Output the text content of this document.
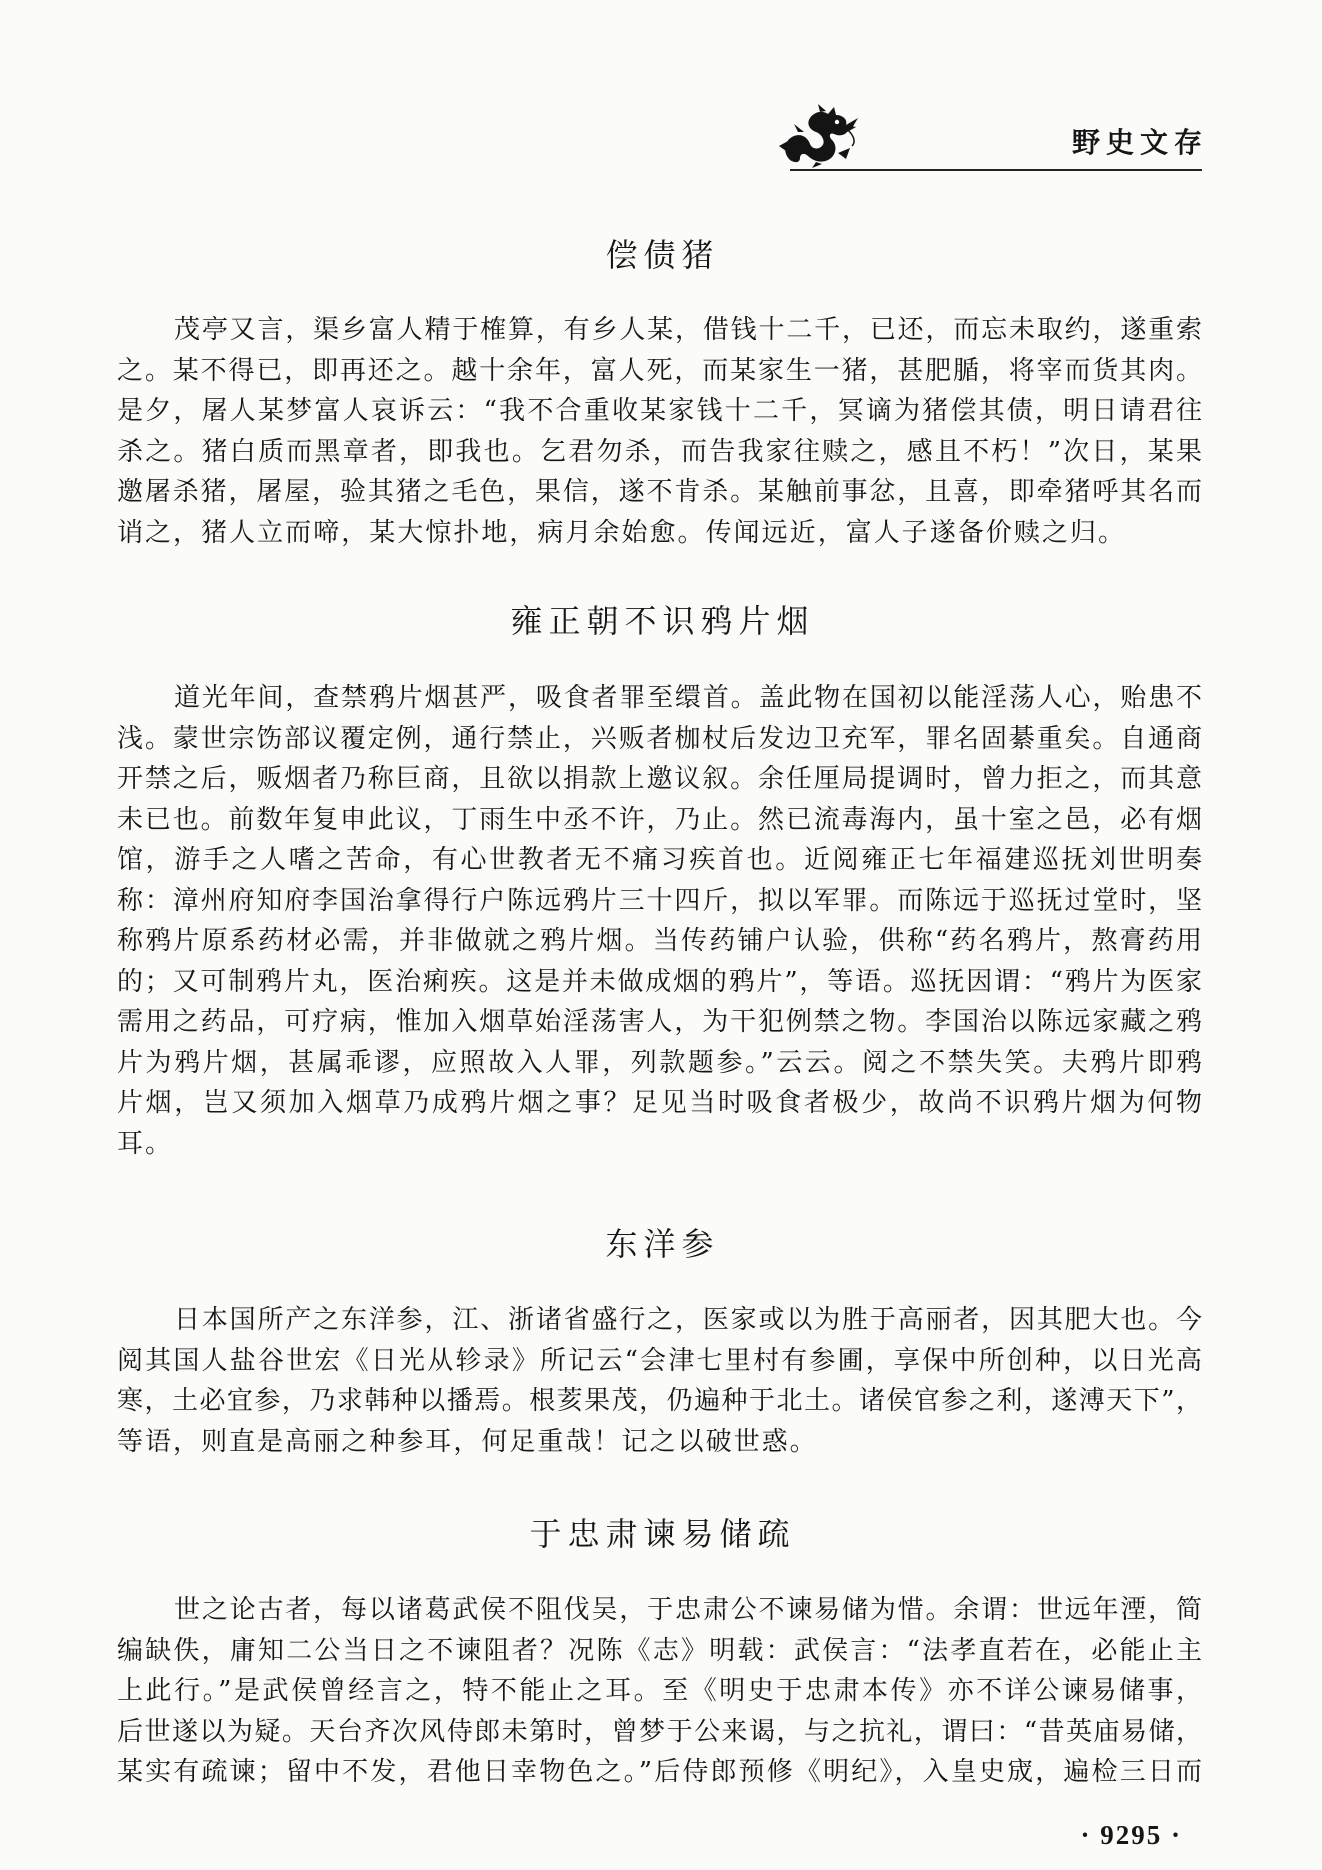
野史文存
偿债猪
茂亭又言，渠乡富人精于榷算，有乡人某，借钱十二千，已还，而忘未取约，遂重索
之。某不得已，即再还之。越十余年，富人死，而某家生一猪，甚肥腯，将宰而货其肉。
是夕，屠人某梦富人哀诉云：“我不合重收某家钱十二千，冥谪为猪偿其债，明日请君往
杀之。猪白质而黑章者，即我也。乞君勿杀，而告我家往赎之，感且不朽！”次日，某果
邀屠杀猪，屠屋，验其猪之毛色，果信，遂不肯杀。某触前事忿，且喜，即牵猪呼其名而
诮之，猪人立而啼，某大惊扑地，病月余始愈。传闻远近，富人子遂备价赎之归。
雍正朝不识鸦片烟
道光年间，查禁鸦片烟甚严，吸食者罪至缳首。盖此物在国初以能淫荡人心，贻患不
浅。蒙世宗饬部议覆定例，通行禁止，兴贩者枷杖后发边卫充军，罪名固綦重矣。自通商
开禁之后，贩烟者乃称巨商，且欲以捐款上邀议叙。余任厘局提调时，曾力拒之，而其意
未已也。前数年复申此议，丁雨生中丞不许，乃止。然已流毒海内，虽十室之邑，必有烟
馆，游手之人嗜之苦命，有心世教者无不痛习疾首也。近阅雍正七年福建巡抚刘世明奏
称：漳州府知府李国治拿得行户陈远鸦片三十四斤，拟以军罪。而陈远于巡抚过堂时，坚
称鸦片原系药材必需，并非做就之鸦片烟。当传药铺户认验，供称“药名鸦片，熬膏药用
的；又可制鸦片丸，医治痢疾。这是并未做成烟的鸦片”，等语。巡抚因谓：“鸦片为医家
需用之药品，可疗病，惟加入烟草始淫荡害人，为干犯例禁之物。李国治以陈远家藏之鸦
片为鸦片烟，甚属乖谬，应照故入人罪，列款题参。”云云。阅之不禁失笑。夫鸦片即鸦
片烟，岂又须加入烟草乃成鸦片烟之事？足见当时吸食者极少，故尚不识鸦片烟为何物
耳。
东洋参
日本国所产之东洋参，江、浙诸省盛行之，医家或以为胜于高丽者，因其肥大也。今
阅其国人盐谷世宏《日光从轸录》所记云“会津七里村有参圃，享保中所创种，以日光高
寒，土必宜参，乃求韩种以播焉。根荄果茂，仍遍种于北土。诸侯官参之利，遂溥天下”，
等语，则直是高丽之种参耳，何足重哉！记之以破世惑。
于忠肃谏易储疏
世之论古者，每以诸葛武侯不阻伐吴，于忠肃公不谏易储为惜。余谓：世远年湮，简
编缺佚，庸知二公当日之不谏阻者？况陈《志》明载：武侯言：“法孝直若在，必能止主
上此行。”是武侯曾经言之，特不能止之耳。至《明史于忠肃本传》亦不详公谏易储事，
后世遂以为疑。天台齐次风侍郎未第时，曾梦于公来谒，与之抗礼，谓曰：“昔英庙易储，
某实有疏谏；留中不发，君他日幸物色之。”后侍郎预修《明纪》，入皇史宬，遍检三日而
· 9295 ·
